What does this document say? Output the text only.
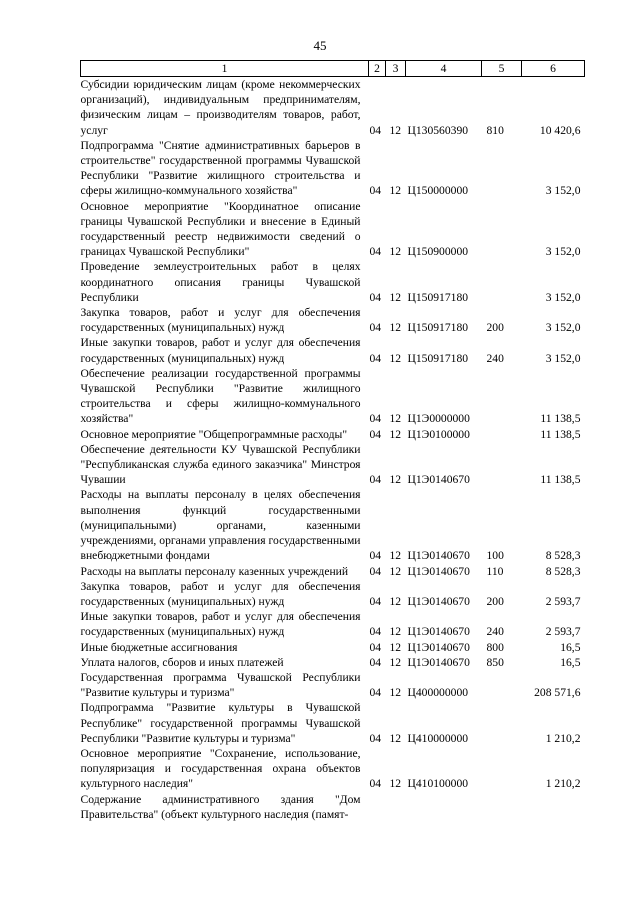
45
1	2	3	4	5	6
Субсидии юридическим лицам (кроме некоммерческих организаций), индивидуальным предпринимателям, физическим лицам – производителям товаров, работ, услуг	04	12	Ц130560390	810	10 420,6
Подпрограмма "Снятие административных барьеров в строительстве" государственной программы Чувашской Республики "Развитие жилищного строительства и сферы жилищно-коммунального хозяйства"	04	12	Ц150000000		3 152,0
Основное мероприятие "Координатное описание границы Чувашской Республики и внесение в Единый государственный реестр недвижимости сведений о границах Чувашской Республики"	04	12	Ц150900000		3 152,0
Проведение землеустроительных работ в целях координатного описания границы Чувашской Республики	04	12	Ц150917180		3 152,0
Закупка товаров, работ и услуг для обеспечения государственных (муниципальных) нужд	04	12	Ц150917180	200	3 152,0
Иные закупки товаров, работ и услуг для обеспечения государственных (муниципальных) нужд	04	12	Ц150917180	240	3 152,0
Обеспечение реализации государственной программы Чувашской Республики "Развитие жилищного строительства и сферы жилищно-коммунального хозяйства"	04	12	Ц1Э0000000		11 138,5
Основное мероприятие "Общепрограммные расходы"	04	12	Ц1Э0100000		11 138,5
Обеспечение деятельности КУ Чувашской Республики "Республиканская служба единого заказчика" Минстроя Чувашии	04	12	Ц1Э0140670		11 138,5
Расходы на выплаты персоналу в целях обеспечения выполнения функций государственными (муниципальными) органами, казенными учреждениями, органами управления государственными внебюджетными фондами	04	12	Ц1Э0140670	100	8 528,3
Расходы на выплаты персоналу казенных учреждений	04	12	Ц1Э0140670	110	8 528,3
Закупка товаров, работ и услуг для обеспечения государственных (муниципальных) нужд	04	12	Ц1Э0140670	200	2 593,7
Иные закупки товаров, работ и услуг для обеспечения государственных (муниципальных) нужд	04	12	Ц1Э0140670	240	2 593,7
Иные бюджетные ассигнования	04	12	Ц1Э0140670	800	16,5
Уплата налогов, сборов и иных платежей	04	12	Ц1Э0140670	850	16,5
Государственная программа Чувашской Республики "Развитие культуры и туризма"	04	12	Ц400000000		208 571,6
Подпрограмма "Развитие культуры в Чувашской Республике" государственной программы Чувашской Республики "Развитие культуры и туризма"	04	12	Ц410000000		1 210,2
Основное мероприятие "Сохранение, использование, популяризация и государственная охрана объектов культурного наследия"	04	12	Ц410100000		1 210,2
Содержание административного здания "Дом Правительства" (объект культурного наследия (памят-					
